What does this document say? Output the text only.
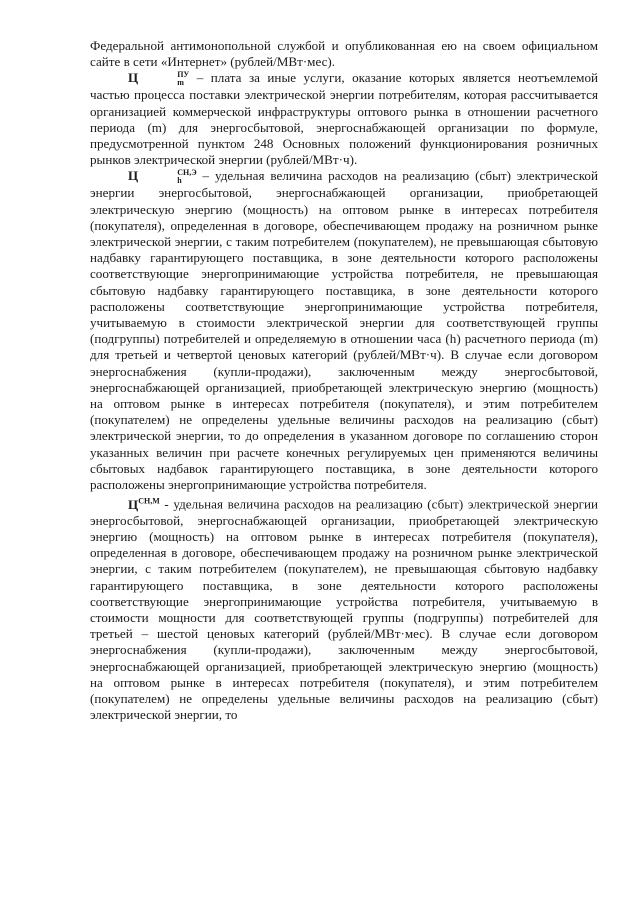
Федеральной антимонопольной службой и опубликованная ею на своем официальном сайте в сети «Интернет» (рублей/МВт·мес).

Ц	ПУ
m – плата за иные услуги, оказание которых является неотъемлемой частью процесса поставки электрической энергии потребителям, которая рассчитывается организацией коммерческой инфраструктуры оптового рынка в отношении расчетного периода (m) для энергосбытовой, энергоснабжающей организации по формуле, предусмотренной пунктом 248 Основных положений функционирования розничных рынков электрической энергии (рублей/МВт·ч).

Ц	СН,Э
h	– удельная величина расходов на реализацию (сбыт) электрической энергии энергосбытовой, энергоснабжающей организации, приобретающей электрическую энергию (мощность) на оптовом рынке в интересах потребителя (покупателя), определенная в договоре, обеспечивающем продажу на розничном рынке электрической энергии, с таким потребителем (покупателем), не превышающая сбытовую надбавку гарантирующего поставщика, в зоне деятельности которого расположены соответствующие энергопринимающие устройства потребителя, не превышающая сбытовую надбавку гарантирующего поставщика, в зоне деятельности которого расположены соответствующие энергопринимающие устройства потребителя, учитываемую в стоимости электрической энергии для соответствующей группы (подгруппы) потребителей и определяемую в отношении часа (h) расчетного периода (m) для третьей и четвертой ценовых категорий (рублей/МВт·ч). В случае если договором энергоснабжения (купли-продажи), заключенным между энергосбытовой, энергоснабжающей организацией, приобретающей электрическую энергию (мощность) на оптовом рынке в интересах потребителя (покупателя), и этим потребителем (покупателем) не определены удельные величины расходов на реализацию (сбыт) электрической энергии, то до определения в указанном договоре по соглашению сторон указанных величин при расчете конечных регулируемых цен применяются величины сбытовых надбавок гарантирующего поставщика, в зоне деятельности которого расположены энергопринимающие устройства потребителя.

$Ц^{СН,М}$ - удельная величина расходов на реализацию (сбыт) электрической энергии энергосбытовой, энергоснабжающей организации, приобретающей электрическую энергию (мощность) на оптовом рынке в интересах потребителя (покупателя), определенная в договоре, обеспечивающем продажу на розничном рынке электрической энергии, с таким потребителем (покупателем), не превышающая сбытовую надбавку гарантирующего поставщика, в зоне деятельности которого расположены соответствующие энергопринимающие устройства потребителя, учитываемую в стоимости мощности для соответствующей группы (подгруппы) потребителей для третьей – шестой ценовых категорий (рублей/МВт·мес). В случае если договором энергоснабжения (купли-продажи), заключенным между энергосбытовой, энергоснабжающей организацией, приобретающей электрическую энергию (мощность) на оптовом рынке в интересах потребителя (покупателя), и этим потребителем (покупателем) не определены удельные величины расходов на реализацию (сбыт) электрической энергии, то
